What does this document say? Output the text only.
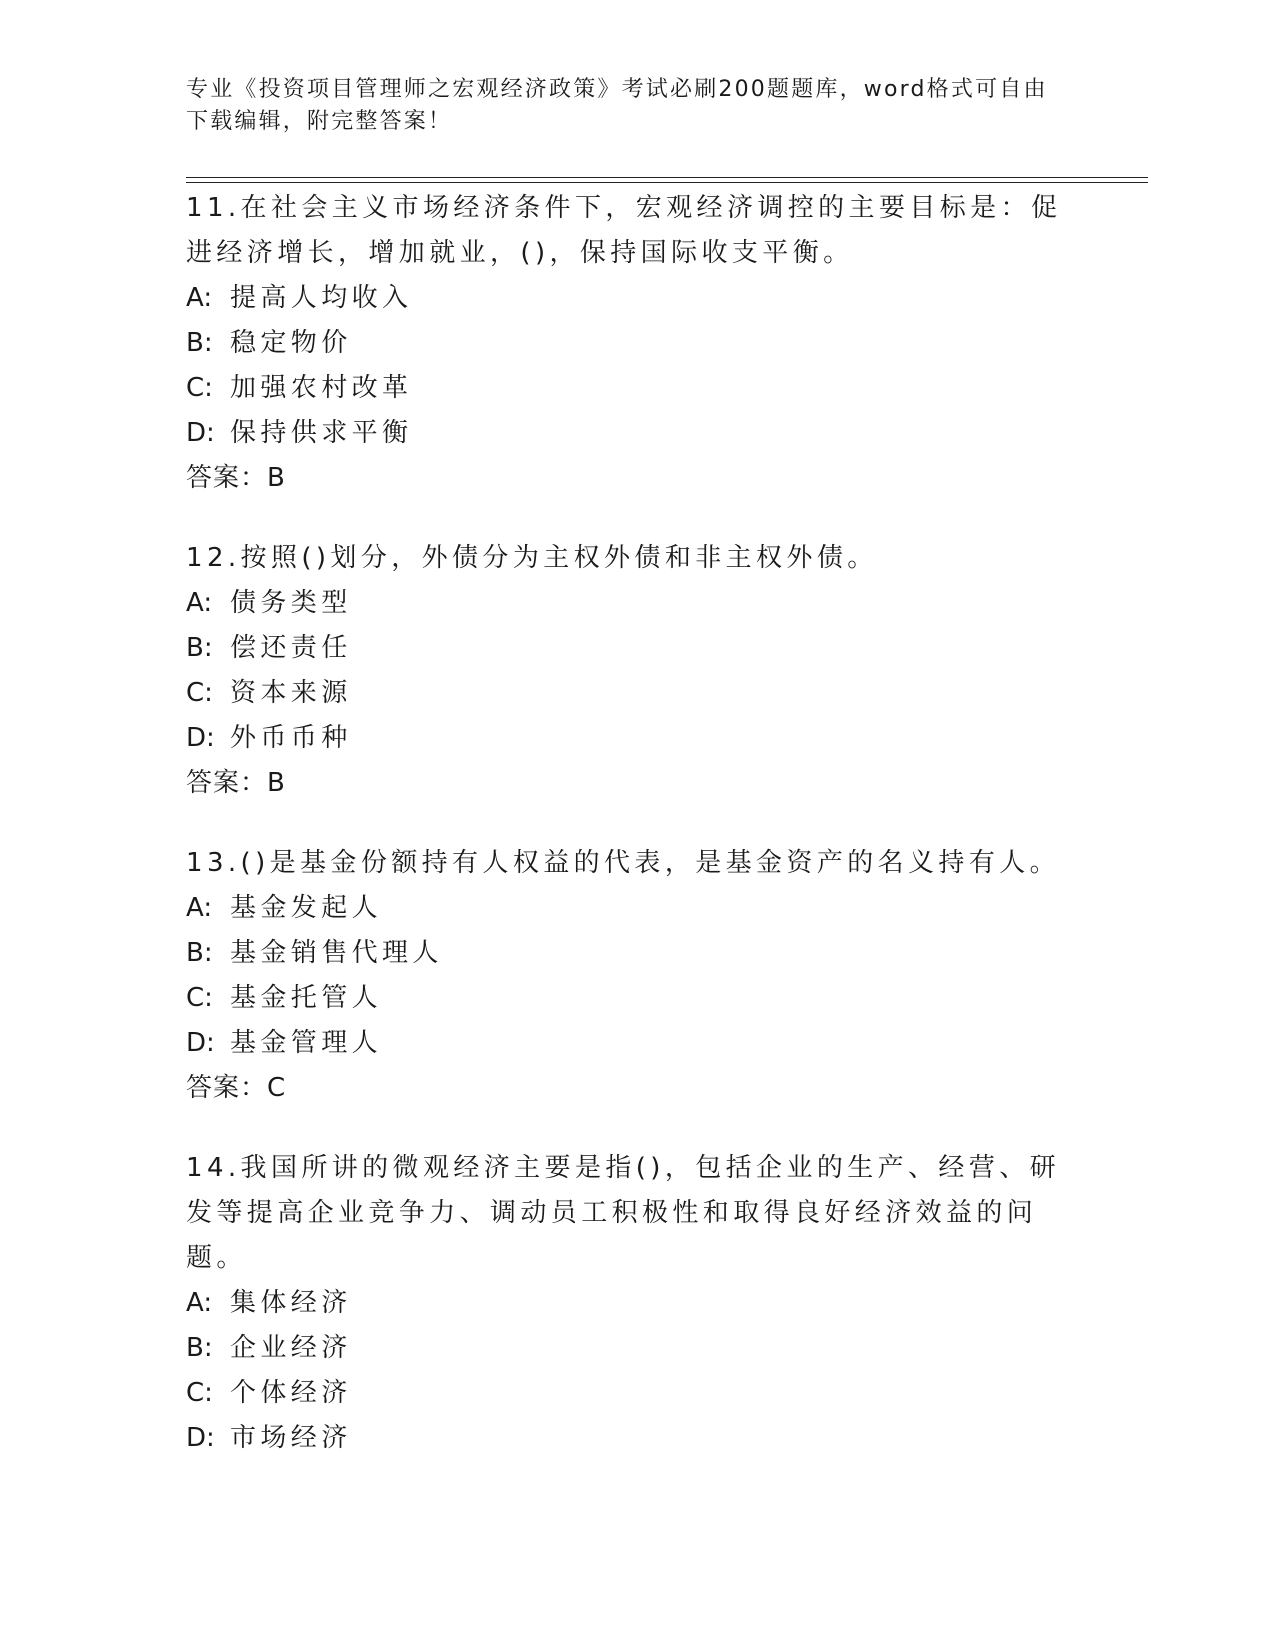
专业《投资项目管理师之宏观经济政策》考试必刷200题题库，word格式可自由下载编辑，附完整答案！

11.在社会主义市场经济条件下，宏观经济调控的主要目标是：促进经济增长，增加就业，()，保持国际收支平衡。

A: 提高人均收入
B: 稳定物价
C: 加强农村改革
D: 保持供求平衡
答案：B

12.按照()划分，外债分为主权外债和非主权外债。

A: 债务类型
B: 偿还责任
C: 资本来源
D: 外币币种
答案：B

13.()是基金份额持有人权益的代表，是基金资产的名义持有人。

A: 基金发起人
B: 基金销售代理人
C: 基金托管人
D: 基金管理人
答案：C

14.我国所讲的微观经济主要是指()，包括企业的生产、经营、研发等提高企业竞争力、调动员工积极性和取得良好经济效益的问题。

A: 集体经济
B: 企业经济
C: 个体经济
D: 市场经济
